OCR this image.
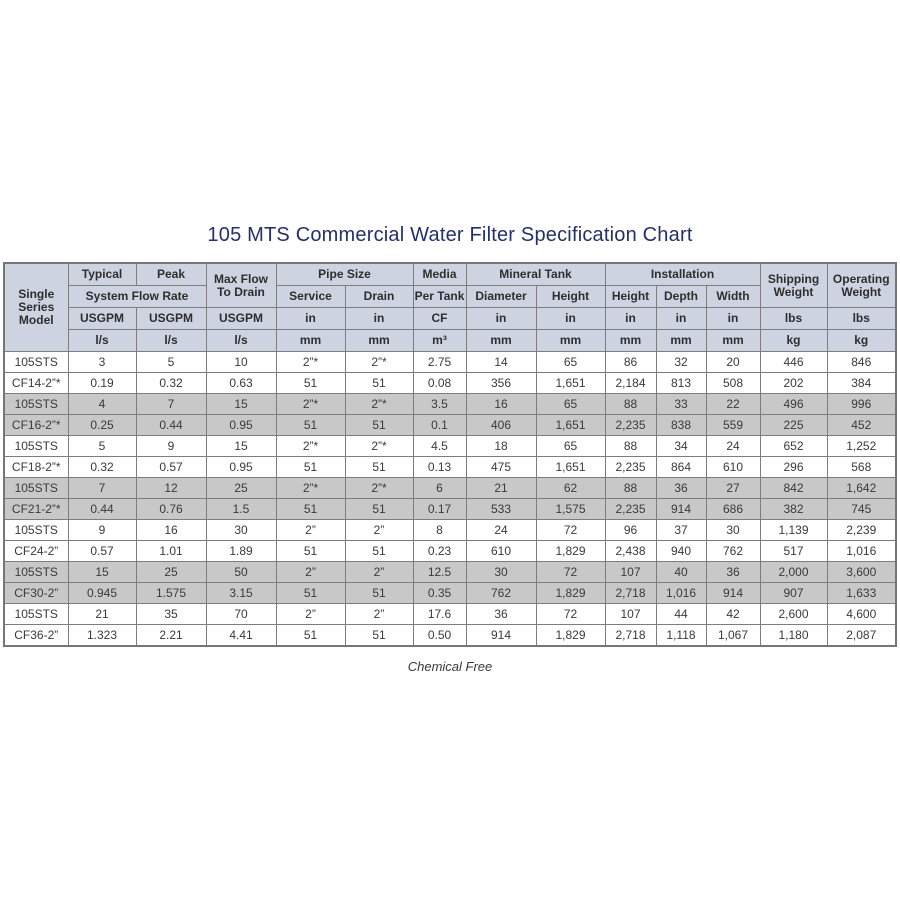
105 MTS Commercial Water Filter Specification Chart
Single Series Model	Typical	Peak	Max Flow To Drain	Pipe Size		Media	Mineral Tank		Installation			Shipping Weight	Operating Weight
	System Flow Rate			Service	Drain	Per Tank	Diameter	Height	Height	Depth	Width		
	USGPM	USGPM	USGPM	in	in	CF	in	in	in	in	in	lbs	lbs
	l/s	l/s	l/s	mm	mm	m³	mm	mm	mm	mm	mm	kg	kg
105STS	3	5	10	2”*	2”*	2.75	14	65	86	32	20	446	846
CF14-2”*	0.19	0.32	0.63	51	51	0.08	356	1,651	2,184	813	508	202	384
105STS	4	7	15	2”*	2”*	3.5	16	65	88	33	22	496	996
CF16-2”*	0.25	0.44	0.95	51	51	0.1	406	1,651	2,235	838	559	225	452
105STS	5	9	15	2”*	2”*	4.5	18	65	88	34	24	652	1,252
CF18-2”*	0.32	0.57	0.95	51	51	0.13	475	1,651	2,235	864	610	296	568
105STS	7	12	25	2”*	2”*	6	21	62	88	36	27	842	1,642
CF21-2”*	0.44	0.76	1.5	51	51	0.17	533	1,575	2,235	914	686	382	745
105STS	9	16	30	2”	2”	8	24	72	96	37	30	1,139	2,239
CF24-2”	0.57	1.01	1.89	51	51	0.23	610	1,829	2,438	940	762	517	1,016
105STS	15	25	50	2”	2”	12.5	30	72	107	40	36	2,000	3,600
CF30-2”	0.945	1.575	3.15	51	51	0.35	762	1,829	2,718	1,016	914	907	1,633
105STS	21	35	70	2”	2”	17.6	36	72	107	44	42	2,600	4,600
CF36-2”	1.323	2.21	4.41	51	51	0.50	914	1,829	2,718	1,118	1,067	1,180	2,087
Chemical Free
